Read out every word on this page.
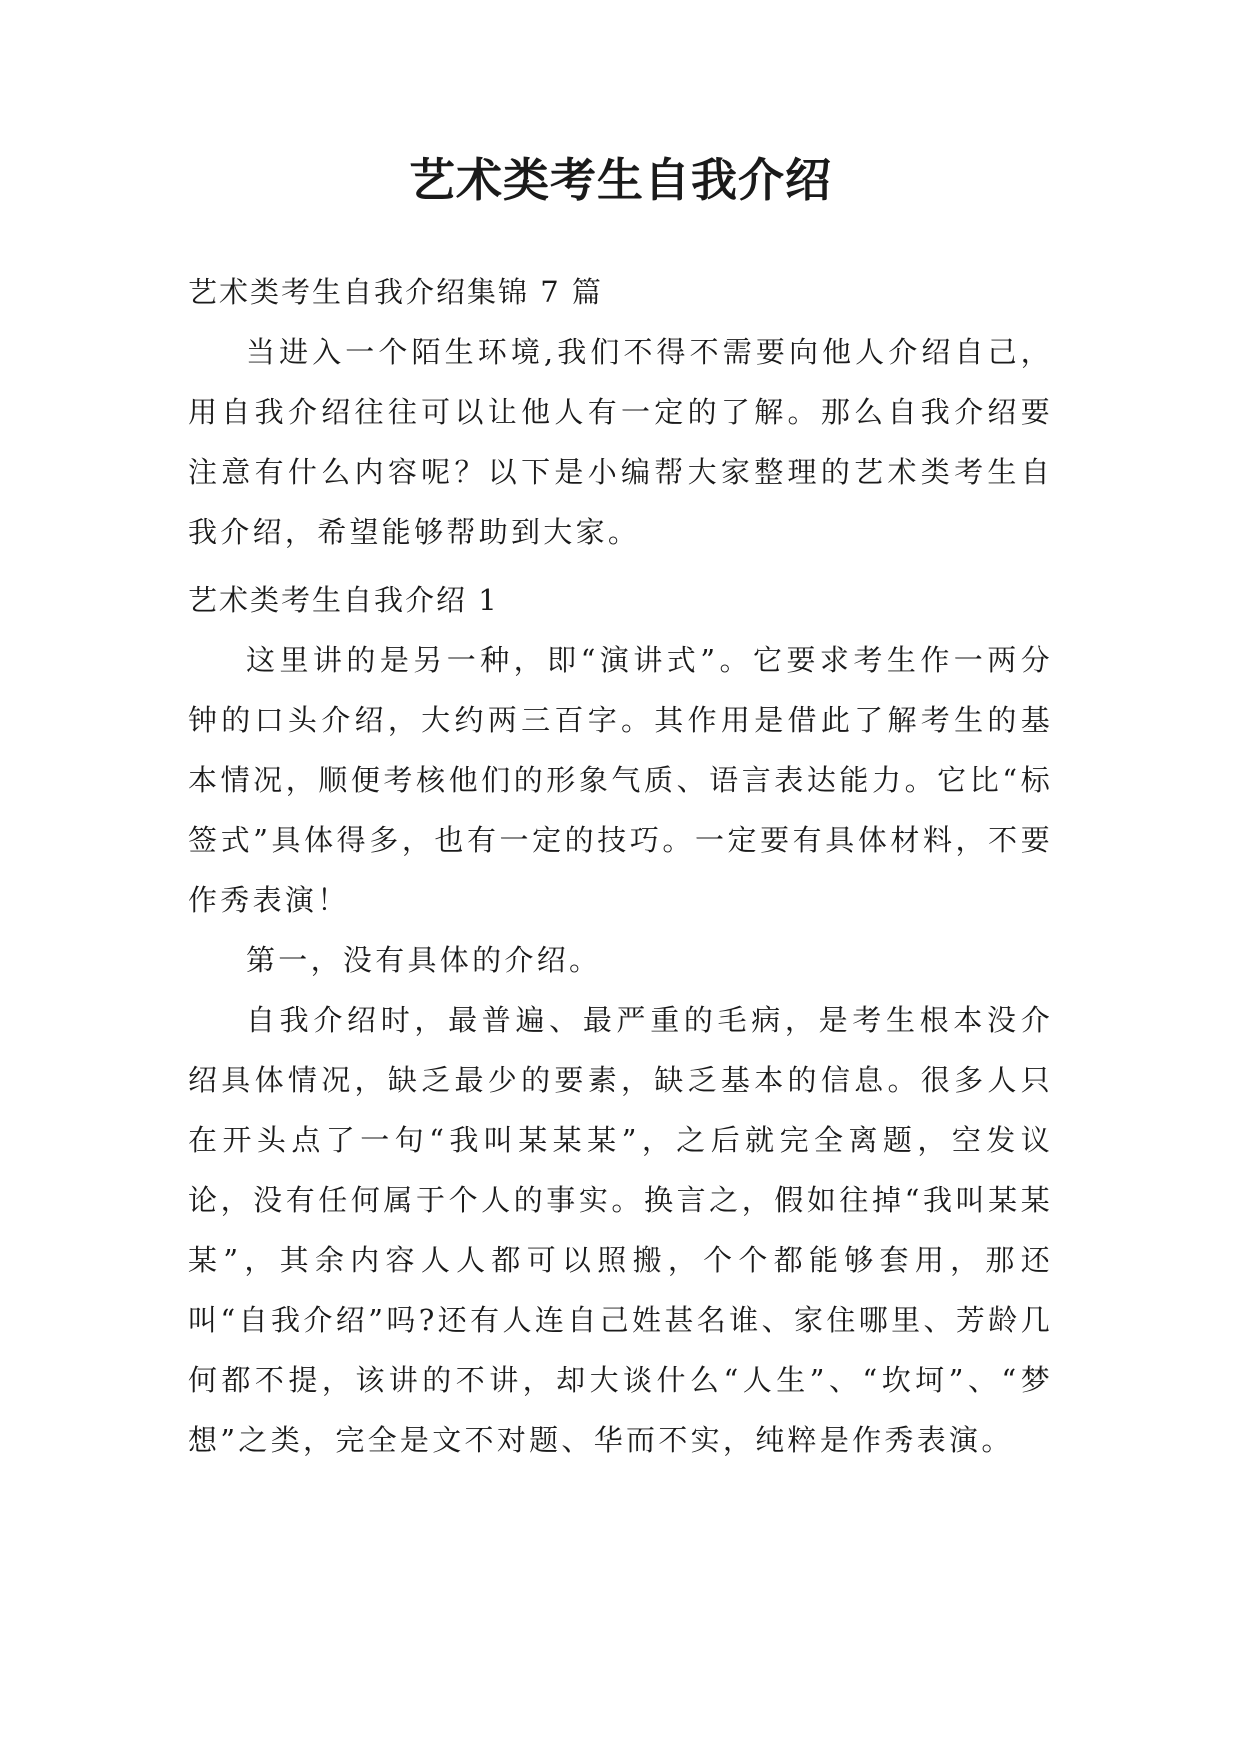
艺术类考生自我介绍

艺术类考生自我介绍集锦 7 篇

当进入一个陌生环境,我们不得不需要向他人介绍自己，用自我介绍往往可以让他人有一定的了解。那么自我介绍要注意有什么内容呢？以下是小编帮大家整理的艺术类考生自我介绍，希望能够帮助到大家。

艺术类考生自我介绍 1

这里讲的是另一种，即“演讲式”。它要求考生作一两分钟的口头介绍，大约两三百字。其作用是借此了解考生的基本情况，顺便考核他们的形象气质、语言表达能力。它比“标签式”具体得多，也有一定的技巧。一定要有具体材料，不要作秀表演！

第一，没有具体的介绍。

自我介绍时，最普遍、最严重的毛病，是考生根本没介绍具体情况，缺乏最少的要素，缺乏基本的信息。很多人只在开头点了一句“我叫某某某”，之后就完全离题，空发议论，没有任何属于个人的事实。换言之，假如往掉“我叫某某某”，其余内容人人都可以照搬，个个都能够套用，那还叫“自我介绍”吗?还有人连自己姓甚名谁、家住哪里、芳龄几何都不提，该讲的不讲，却大谈什么“人生”、“坎坷”、“梦想”之类，完全是文不对题、华而不实，纯粹是作秀表演。
